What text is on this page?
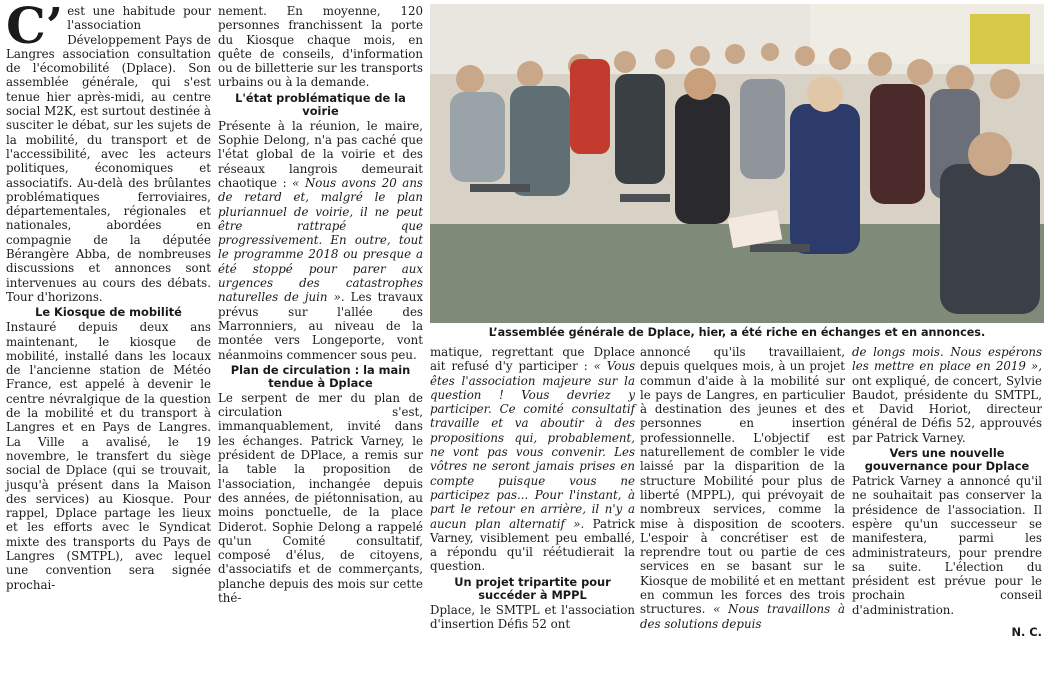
C’ est une habitude pour l'association Développement Pays de Langres association consultation de l'écomobilité (Dplace). Son assemblée générale, qui s'est tenue hier après-midi, au centre social M2K, est surtout destinée à susciter le débat, sur les sujets de la mobilité, du transport et de l'accessibilité, avec les acteurs politiques, économiques et associatifs. Au-delà des brûlantes problématiques ferroviaires, départementales, régionales et nationales, abordées en compagnie de la députée Bérangère Abba, de nombreuses discussions et annonces sont intervenues au cours des débats. Tour d'horizons.

Le Kiosque de mobilité

Instauré depuis deux ans maintenant, le kiosque de mobilité, installé dans les locaux de l'ancienne station de Météo France, est appelé à devenir le centre névralgique de la question de la mobilité et du transport à Langres et en Pays de Langres. La Ville a avalisé, le 19 novembre, le transfert du siège social de Dplace (qui se trouvait, jusqu'à présent dans la Maison des services) au Kiosque. Pour rappel, Dplace partage les lieux et les efforts avec le Syndicat mixte des transports du Pays de Langres (SMTPL), avec lequel une convention sera signée prochai-

nement. En moyenne, 120 personnes franchissent la porte du Kiosque chaque mois, en quête de conseils, d'information ou de billetterie sur les transports urbains ou à la demande.

L'état problématique de la voirie

Présente à la réunion, le maire, Sophie Delong, n'a pas caché que l'état global de la voirie et des réseaux langrois demeurait chaotique : « Nous avons 20 ans de retard et, malgré le plan pluriannuel de voirie, il ne peut être rattrapé que progressivement. En outre, tout le programme 2018 ou presque a été stoppé pour parer aux urgences des catastrophes naturelles de juin ». Les travaux prévus sur l'allée des Marronniers, au niveau de la montée vers Longeporte, vont néanmoins commencer sous peu.

Plan de circulation : la main tendue à Dplace

Le serpent de mer du plan de circulation s'est, immanquablement, invité dans les échanges. Patrick Varney, le président de DPlace, a remis sur la table la proposition de l'association, inchangée depuis des années, de piétonnisation, au moins ponctuelle, de la place Diderot. Sophie Delong a rappelé qu'un Comité consultatif, composé d'élus, de citoyens, d'associatifs et de commerçants, planche depuis des mois sur cette thé-

L’assemblée générale de Dplace, hier, a été riche en échanges et en annonces.

matique, regrettant que Dplace ait refusé d'y participer : « Vous êtes l'association majeure sur la question ! Vous devriez y participer. Ce comité consultatif travaille et va aboutir à des propositions qui, probablement, ne vont pas vous convenir. Les vôtres ne seront jamais prises en compte puisque vous ne participez pas... Pour l'instant, à part le retour en arrière, il n'y a aucun plan alternatif ». Patrick Varney, visiblement peu emballé, a répondu qu'il réétudierait la question.

Un projet tripartite pour succéder à MPPL

Dplace, le SMTPL et l'association d'insertion Défis 52 ont

annoncé qu'ils travaillaient, depuis quelques mois, à un projet commun d'aide à la mobilité sur le pays de Langres, en particulier à destination des jeunes et des personnes en insertion professionnelle. L'objectif est naturellement de combler le vide laissé par la disparition de la structure Mobilité pour plus de liberté (MPPL), qui prévoyait de nombreux services, comme la mise à disposition de scooters. L'espoir à concrétiser est de reprendre tout ou partie de ces services en se basant sur le Kiosque de mobilité et en mettant en commun les forces des trois structures. « Nous travaillons à des solutions depuis

de longs mois. Nous espérons les mettre en place en 2019 », ont expliqué, de concert, Sylvie Baudot, présidente du SMTPL, et David Horiot, directeur général de Défis 52, approuvés par Patrick Varney.

Vers une nouvelle gouvernance pour Dplace

Patrick Varney a annoncé qu'il ne souhaitait pas conserver la présidence de l'association. Il espère qu'un successeur se manifestera, parmi les administrateurs, pour prendre sa suite. L'élection du président est prévue pour le prochain conseil d'administration.

N. C.
